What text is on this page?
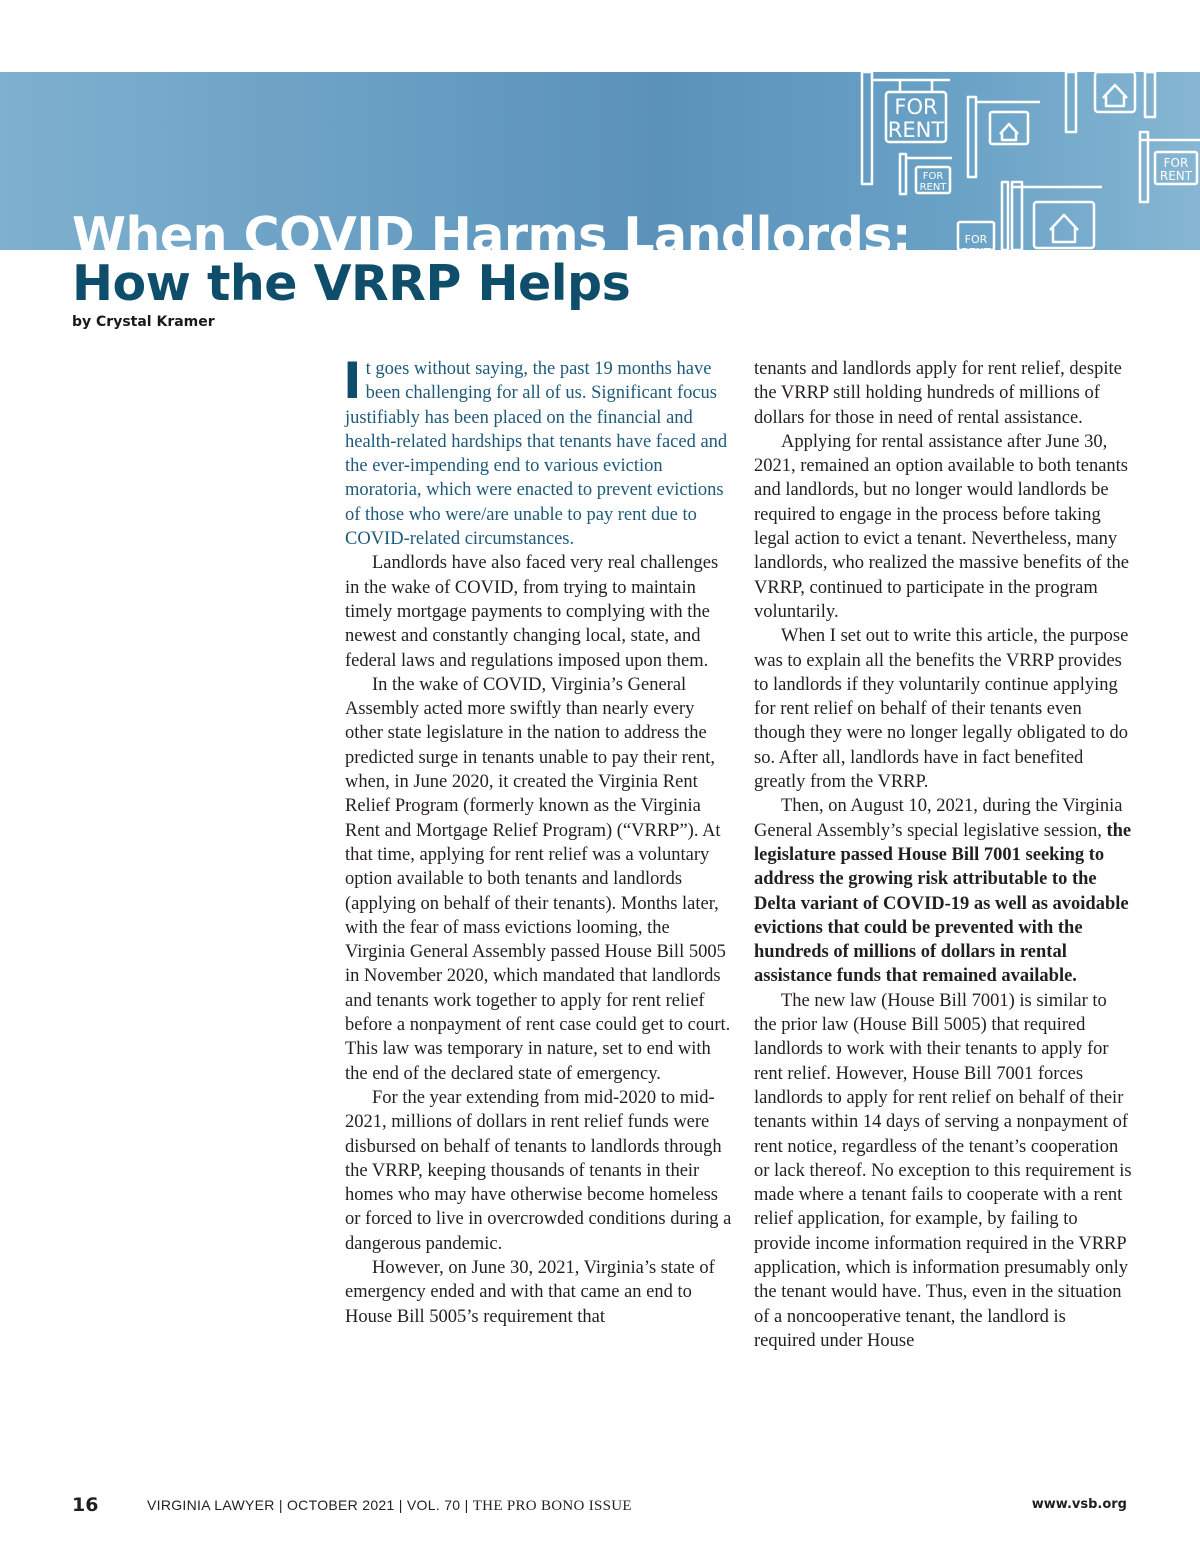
FOR
RENT
FOR
RENT
FOR
RENT
FOR
RENT
When COVID Harms Landlords:
How the VRRP Helps
by Crystal Kramer

It goes without saying, the past 19 months have been challenging for all of us. Significant focus justifiably has been placed on the financial and health-related hardships that tenants have faced and the ever-impending end to various eviction moratoria, which were enacted to prevent evictions of those who were/are unable to pay rent due to COVID-related circumstances.

Landlords have also faced very real challenges in the wake of COVID, from trying to maintain timely mortgage payments to complying with the newest and constantly changing local, state, and federal laws and regulations imposed upon them.

In the wake of COVID, Virginia’s General Assembly acted more swiftly than nearly every other state legislature in the nation to address the predicted surge in tenants unable to pay their rent, when, in June 2020, it created the Virginia Rent Relief Program (formerly known as the Virginia Rent and Mortgage Relief Program) (“VRRP”). At that time, applying for rent relief was a voluntary option available to both tenants and landlords (applying on behalf of their tenants). Months later, with the fear of mass evictions looming, the Virginia General Assembly passed House Bill 5005 in November 2020, which mandated that landlords and tenants work together to apply for rent relief before a nonpayment of rent case could get to court. This law was temporary in nature, set to end with the end of the declared state of emergency.

For the year extending from mid-2020 to mid-2021, millions of dollars in rent relief funds were disbursed on behalf of tenants to landlords through the VRRP, keeping thousands of tenants in their homes who may have otherwise become homeless or forced to live in overcrowded conditions during a dangerous pandemic.

However, on June 30, 2021, Virginia’s state of emergency ended and with that came an end to House Bill 5005’s requirement that

tenants and landlords apply for rent relief, despite the VRRP still holding hundreds of millions of dollars for those in need of rental assistance.

Applying for rental assistance after June 30, 2021, remained an option available to both tenants and landlords, but no longer would landlords be required to engage in the process before taking legal action to evict a tenant. Nevertheless, many landlords, who realized the massive benefits of the VRRP, continued to participate in the program voluntarily.

When I set out to write this article, the purpose was to explain all the benefits the VRRP provides to landlords if they voluntarily continue applying for rent relief on behalf of their tenants even though they were no longer legally obligated to do so. After all, landlords have in fact benefited greatly from the VRRP.

Then, on August 10, 2021, during the Virginia General Assembly’s special legislative session, the legislature passed House Bill 7001 seeking to address the growing risk attributable to the Delta variant of COVID-19 as well as avoidable evictions that could be prevented with the hundreds of millions of dollars in rental assistance funds that remained available.

The new law (House Bill 7001) is similar to the prior law (House Bill 5005) that required landlords to work with their tenants to apply for rent relief. However, House Bill 7001 forces landlords to apply for rent relief on behalf of their tenants within 14 days of serving a nonpayment of rent notice, regardless of the tenant’s cooperation or lack thereof. No exception to this requirement is made where a tenant fails to cooperate with a rent relief application, for example, by failing to provide income information required in the VRRP application, which is information presumably only the tenant would have. Thus, even in the situation of a noncooperative tenant, the landlord is required under House

16	VIRGINIA LAWYER | OCTOBER 2021 | VOL. 70 | THE PRO BONO ISSUE	www.vsb.org
